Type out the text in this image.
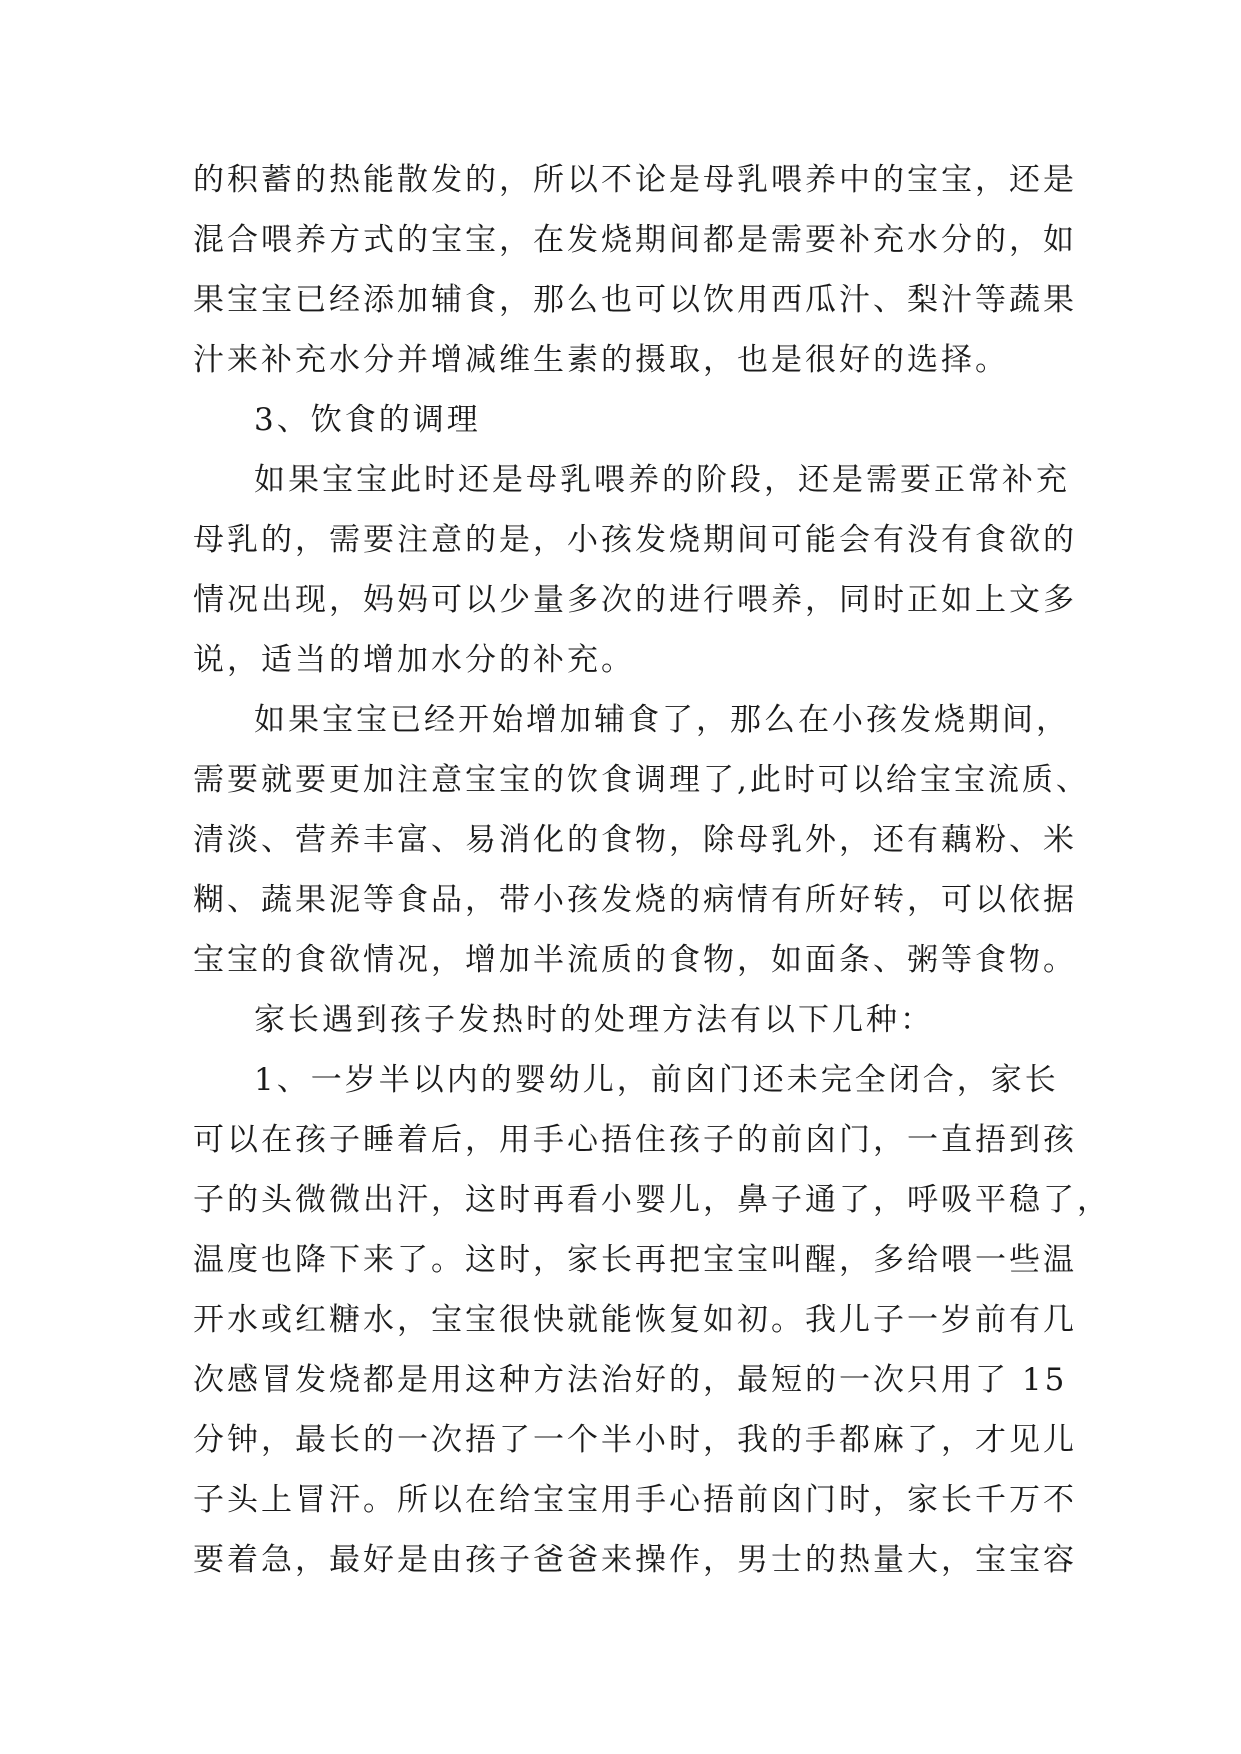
的积蓄的热能散发的，所以不论是母乳喂养中的宝宝，还是
混合喂养方式的宝宝，在发烧期间都是需要补充水分的，如
果宝宝已经添加辅食，那么也可以饮用西瓜汁、梨汁等蔬果
汁来补充水分并增减维生素的摄取，也是很好的选择。
3、饮食的调理
如果宝宝此时还是母乳喂养的阶段，还是需要正常补充
母乳的，需要注意的是，小孩发烧期间可能会有没有食欲的
情况出现，妈妈可以少量多次的进行喂养，同时正如上文多
说，适当的增加水分的补充。
如果宝宝已经开始增加辅食了，那么在小孩发烧期间，
需要就要更加注意宝宝的饮食调理了,此时可以给宝宝流质、
清淡、营养丰富、易消化的食物，除母乳外，还有藕粉、米
糊、蔬果泥等食品，带小孩发烧的病情有所好转，可以依据
宝宝的食欲情况，增加半流质的食物，如面条、粥等食物。
家长遇到孩子发热时的处理方法有以下几种：
1、一岁半以内的婴幼儿，前囟门还未完全闭合，家长
可以在孩子睡着后，用手心捂住孩子的前囟门，一直捂到孩
子的头微微出汗，这时再看小婴儿，鼻子通了，呼吸平稳了，
温度也降下来了。这时，家长再把宝宝叫醒，多给喂一些温
开水或红糖水，宝宝很快就能恢复如初。我儿子一岁前有几
次感冒发烧都是用这种方法治好的，最短的一次只用了 15
分钟，最长的一次捂了一个半小时，我的手都麻了，才见儿
子头上冒汗。所以在给宝宝用手心捂前囟门时，家长千万不
要着急，最好是由孩子爸爸来操作，男士的热量大，宝宝容
